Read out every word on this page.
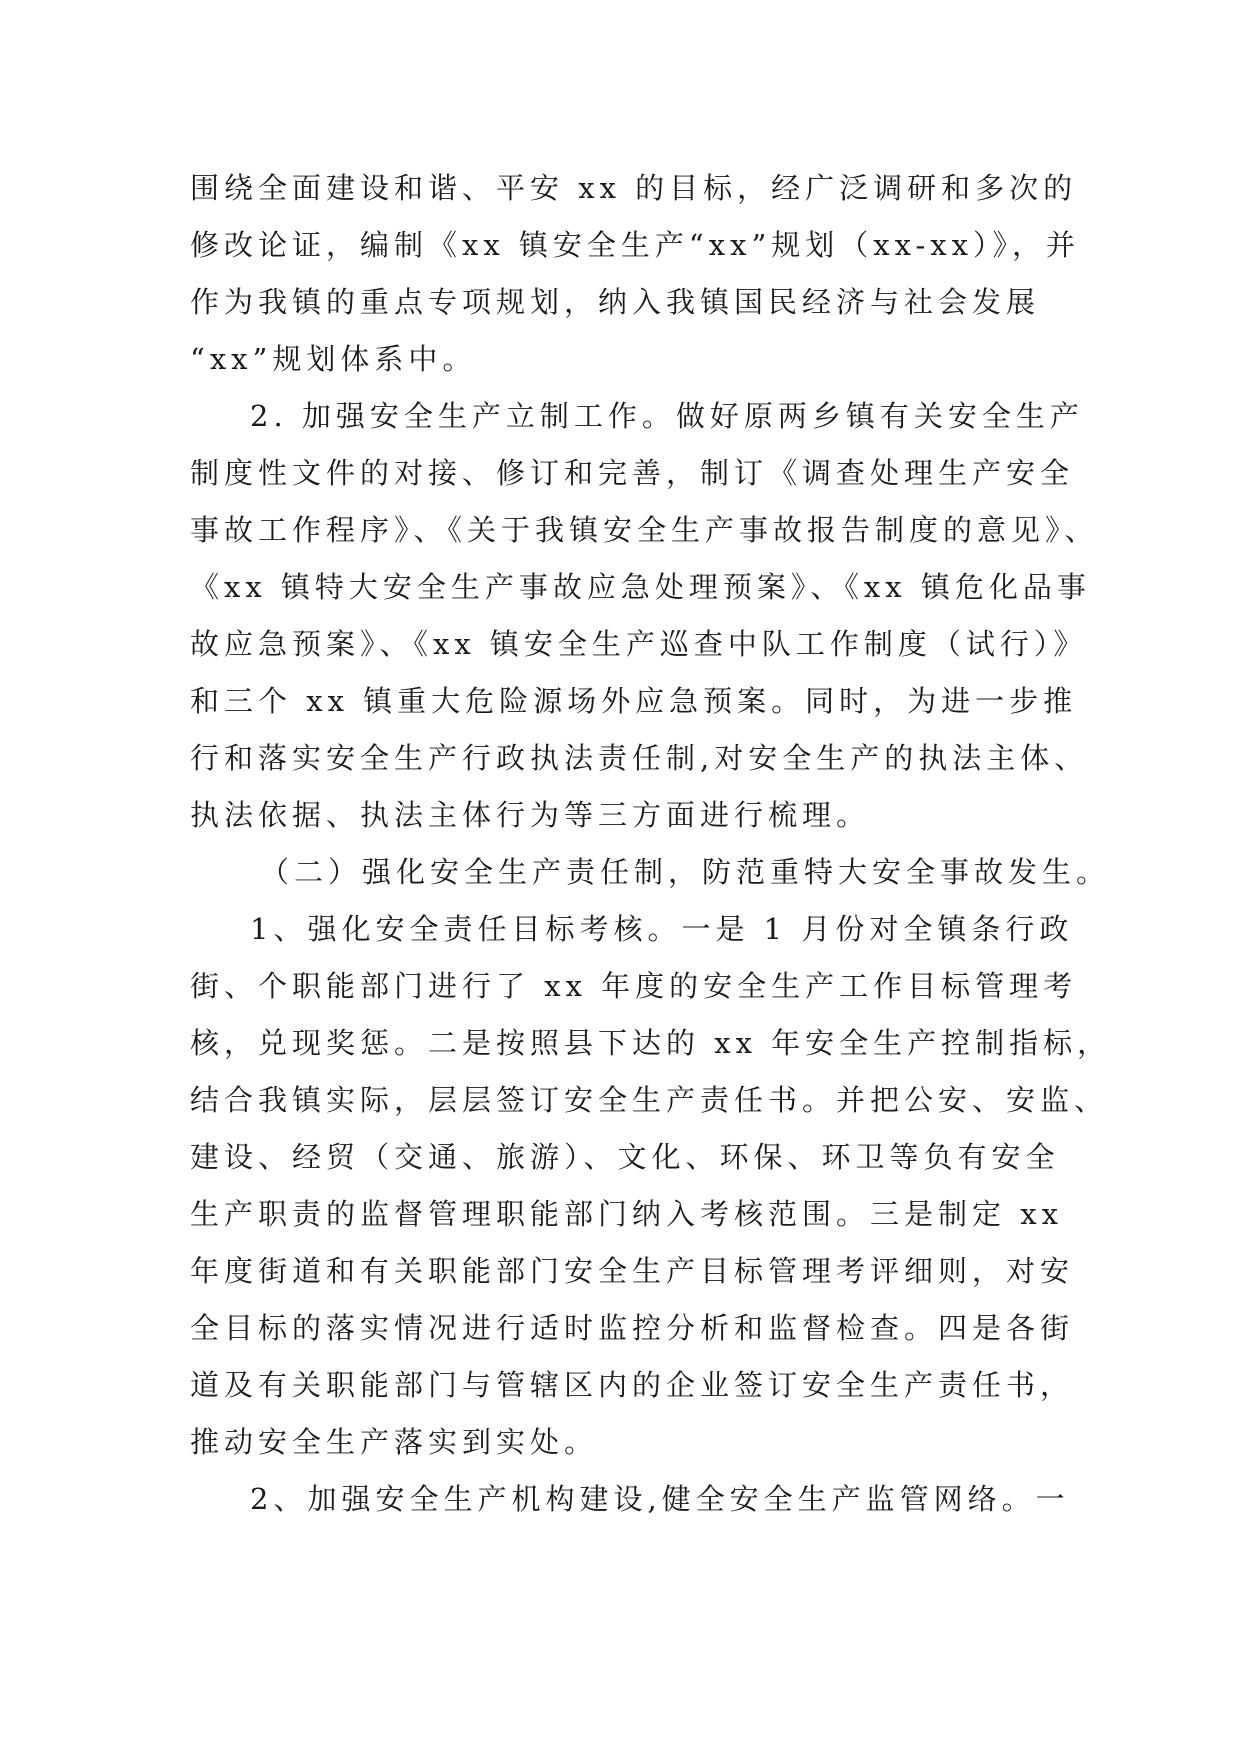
围绕全面建设和谐、平安 xx 的目标，经广泛调研和多次的
修改论证，编制《xx 镇安全生产“xx”规划（xx-xx）》，并
作为我镇的重点专项规划，纳入我镇国民经济与社会发展
“xx”规划体系中。
2. 加强安全生产立制工作。做好原两乡镇有关安全生产
制度性文件的对接、修订和完善，制订《调查处理生产安全
事故工作程序》、《关于我镇安全生产事故报告制度的意见》、
《xx 镇特大安全生产事故应急处理预案》、《xx 镇危化品事
故应急预案》、《xx 镇安全生产巡查中队工作制度（试行）》
和三个 xx 镇重大危险源场外应急预案。同时，为进一步推
行和落实安全生产行政执法责任制,对安全生产的执法主体、
执法依据、执法主体行为等三方面进行梳理。
（二）强化安全生产责任制，防范重特大安全事故发生。
1、强化安全责任目标考核。一是 1 月份对全镇条行政
街、个职能部门进行了 xx 年度的安全生产工作目标管理考
核，兑现奖惩。二是按照县下达的 xx 年安全生产控制指标，
结合我镇实际，层层签订安全生产责任书。并把公安、安监、
建设、经贸（交通、旅游）、文化、环保、环卫等负有安全
生产职责的监督管理职能部门纳入考核范围。三是制定 xx
年度街道和有关职能部门安全生产目标管理考评细则，对安
全目标的落实情况进行适时监控分析和监督检查。四是各街
道及有关职能部门与管辖区内的企业签订安全生产责任书，
推动安全生产落实到实处。
2、加强安全生产机构建设,健全安全生产监管网络。一
